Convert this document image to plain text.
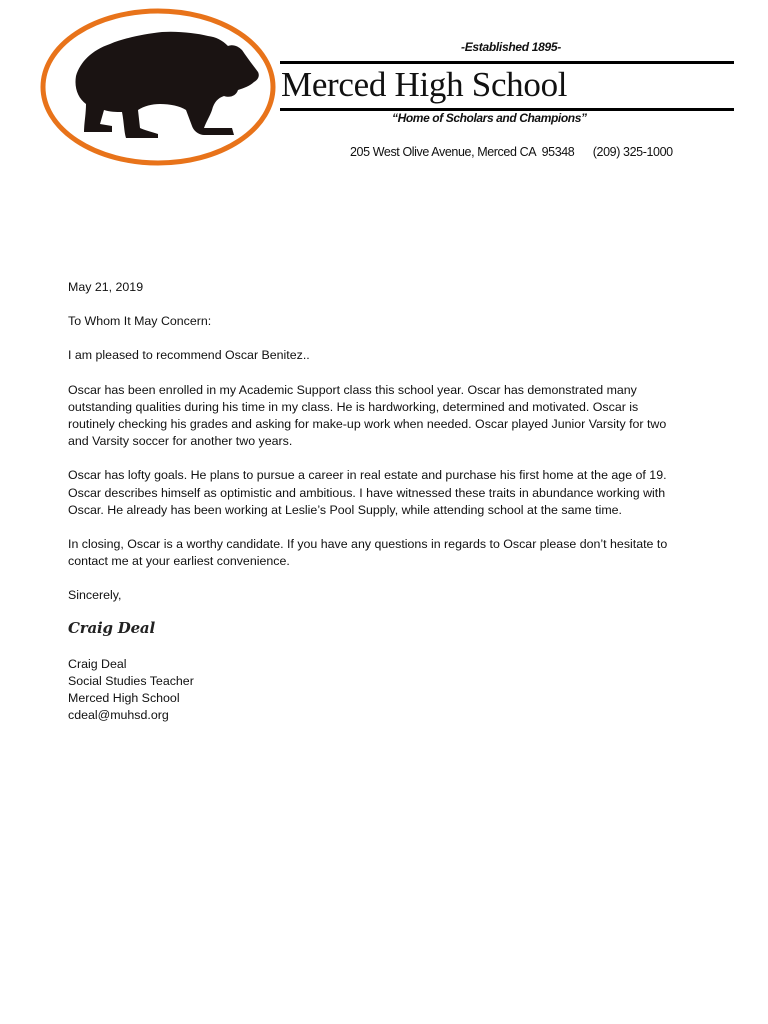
-Established 1895-
Merced High School
“Home of Scholars and Champions”
205 West Olive Avenue, Merced CA  95348      (209) 325-1000

May 21, 2019

To Whom It May Concern:

I am pleased to recommend Oscar Benitez..

Oscar has been enrolled in my Academic Support class this school year. Oscar has demonstrated many
outstanding qualities during his time in my class. He is hardworking, determined and motivated. Oscar is
routinely checking his grades and asking for make-up work when needed. Oscar played Junior Varsity for two
and Varsity soccer for another two years.

Oscar has lofty goals. He plans to pursue a career in real estate and purchase his first home at the age of 19.
Oscar describes himself as optimistic and ambitious. I have witnessed these traits in abundance working with
Oscar. He already has been working at Leslie’s Pool Supply, while attending school at the same time.

In closing, Oscar is a worthy candidate. If you have any questions in regards to Oscar please don’t hesitate to
contact me at your earliest convenience.

Sincerely,

Craig Deal
Craig Deal
Social Studies Teacher
Merced High School
cdeal@muhsd.org
